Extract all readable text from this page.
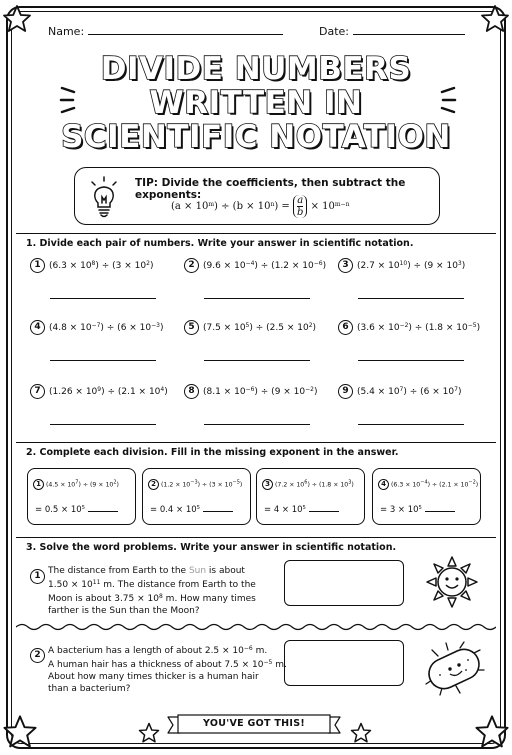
Name:	Date:
DIVIDE NUMBERS
WRITTEN IN
SCIENTIFIC NOTATION
TIP: Divide the coefficients, then subtract the exponents:
$(a \times 10^m) \div (b \times 10^n) = \frac{a}{b} \times 10^{m-n}$
1. Divide each pair of numbers. Write your answer in scientific notation.
1 $(6.3 \times 10^8) \div (3 \times 10^2)$	2 $(9.6 \times 10^{-4}) \div (1.2 \times 10^{-6})$	3 $(2.7 \times 10^{10}) \div (9 \times 10^3)$
4 $(4.8 \times 10^{-7}) \div (6 \times 10^{-3})$	5 $(7.5 \times 10^5) \div (2.5 \times 10^2)$	6 $(3.6 \times 10^{-2}) \div (1.8 \times 10^{-5})$
7 $(1.26 \times 10^9) \div (2.1 \times 10^4)$	8 $(8.1 \times 10^{-6}) \div (9 \times 10^{-2})$	9 $(5.4 \times 10^7) \div (6 \times 10^7)$
2. Complete each division. Fill in the missing exponent in the answer.
1 $(4.5 \times 10^7) \div (9 \times 10^2)$
= $0.5 \times 10^5$
2 $(1.2 \times 10^{-3}) \div (3 \times 10^{-5})$
= $0.4 \times 10^5$
3 $(7.2 \times 10^6) \div (1.8 \times 10^3)$
= $4 \times 10^5$
4 $(6.3 \times 10^{-4}) \div (2.1 \times 10^{-2})$
= $3 \times 10^5$
3. Solve the word problems. Write your answer in scientific notation.
1 The distance from Earth to the Sun is about
$1.50 \times 10^{11}$ m. The distance from Earth to the
Moon is about $3.75 \times 10^8$ m. How many times
farther is the Sun than the Moon?
2 A bacterium has a length of about $2.5 \times 10^{-6}$ m.
A human hair has a thickness of about $7.5 \times 10^{-5}$ m.
About how many times thicker is a human hair
than a bacterium?
YOU'VE GOT THIS!
